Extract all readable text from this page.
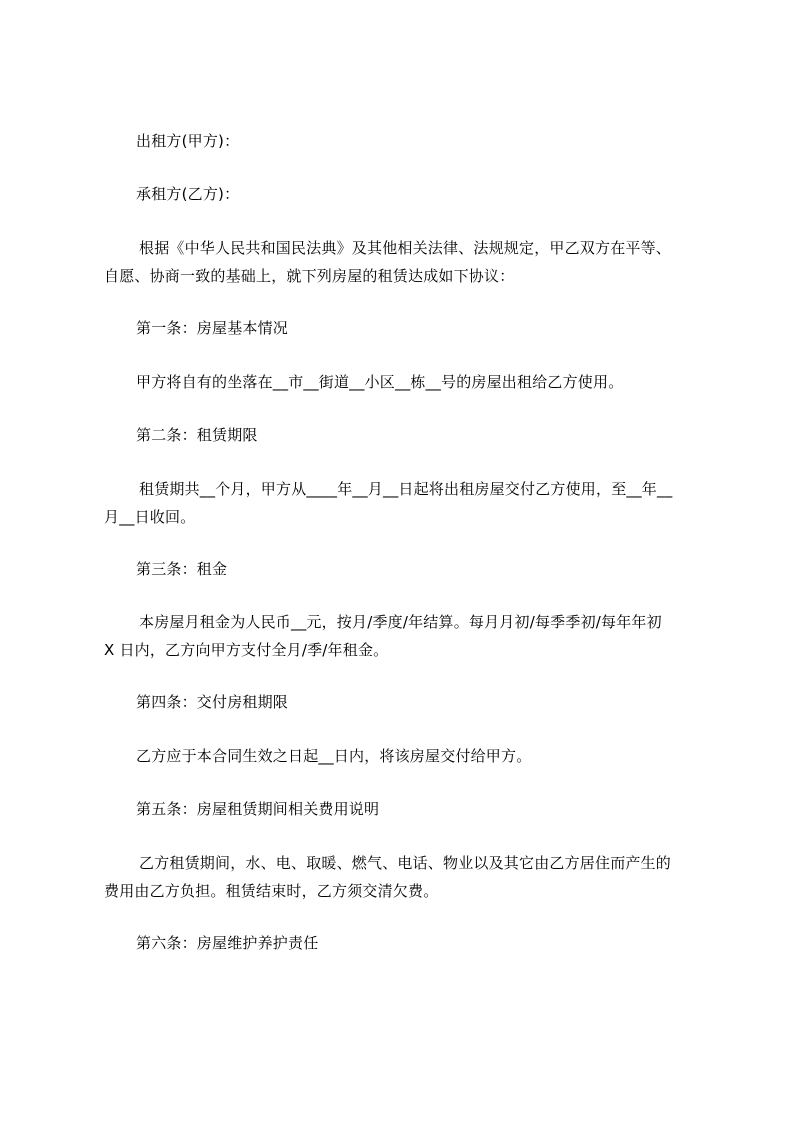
出租方(甲方)：
承租方(乙方)：
根据《中华人民共和国民法典》及其他相关法律、法规规定，甲乙双方在平等、
自愿、协商一致的基础上，就下列房屋的租赁达成如下协议：
第一条：房屋基本情况
甲方将自有的坐落在__市__街道__小区__栋__号的房屋出租给乙方使用。
第二条：租赁期限
租赁期共__个月，甲方从____年__月__日起将出租房屋交付乙方使用，至__年__
月__日收回。
第三条：租金
本房屋月租金为人民币__元，按月/季度/年结算。每月月初/每季季初/每年年初
X 日内，乙方向甲方支付全月/季/年租金。
第四条：交付房租期限
乙方应于本合同生效之日起__日内，将该房屋交付给甲方。
第五条：房屋租赁期间相关费用说明
乙方租赁期间，水、电、取暖、燃气、电话、物业以及其它由乙方居住而产生的
费用由乙方负担。租赁结束时，乙方须交清欠费。
第六条：房屋维护养护责任
